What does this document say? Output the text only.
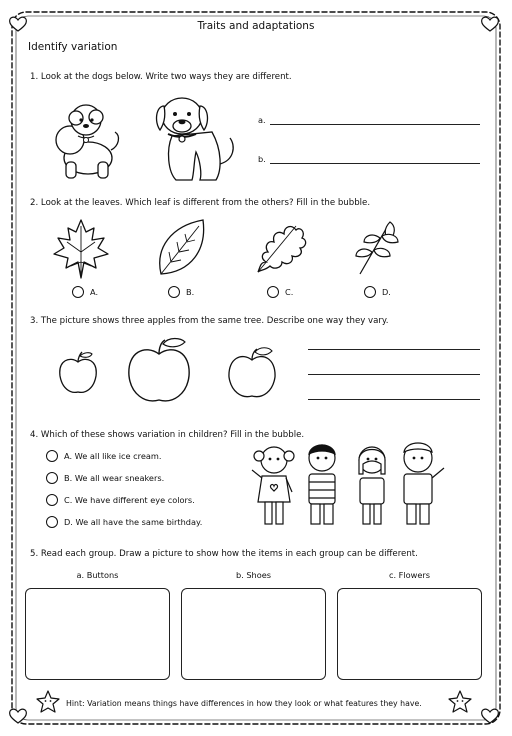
Traits and adaptations
Identify variation
1. Look at the dogs below. Write two ways they are different.
a.
b.
2. Look at the leaves. Which leaf is different from the others? Fill in the bubble.
A.	B.	C.	D.
3. The picture shows three apples from the same tree. Describe one way they vary.
4. Which of these shows variation in children? Fill in the bubble.
A. We all like ice cream.
B. We all wear sneakers.
C. We have different eye colors.
D. We all have the same birthday.
5. Read each group. Draw a picture to show how the items in each group can be different.
a. Buttons	b. Shoes	c. Flowers
Hint: Variation means things have differences in how they look or what features they have.
